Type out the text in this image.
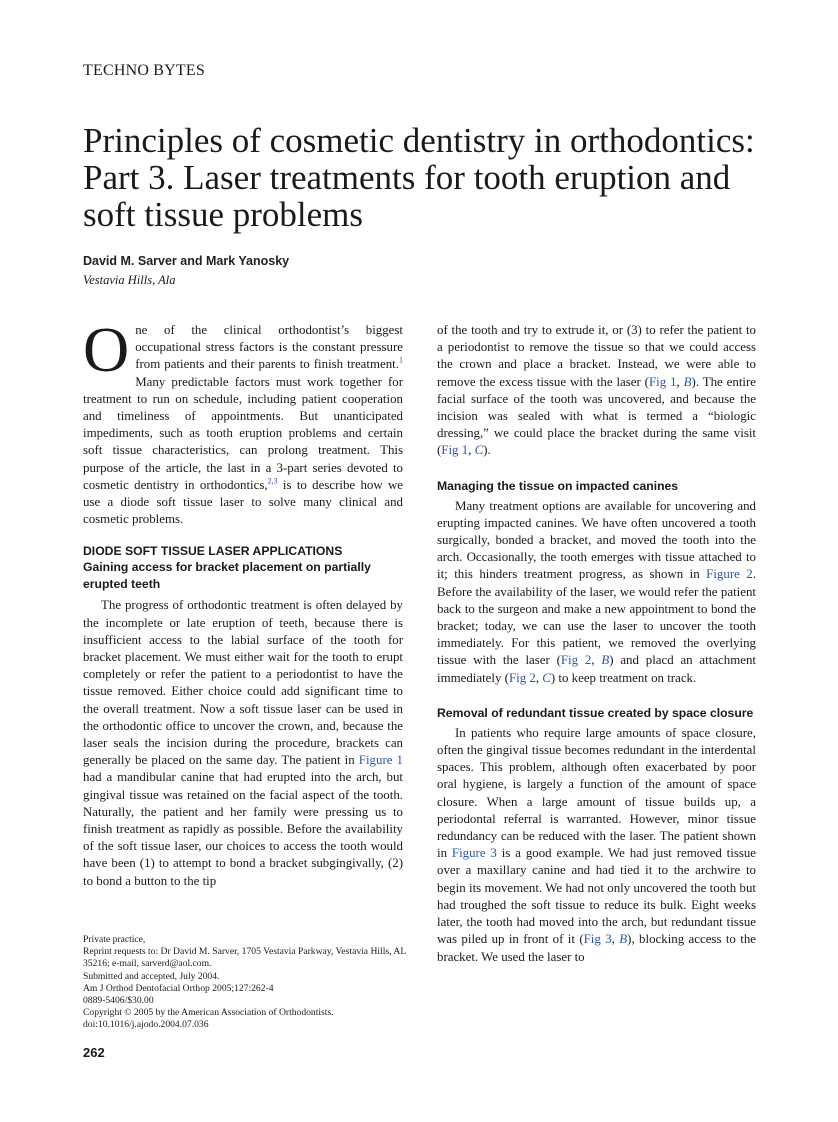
TECHNO BYTES
Principles of cosmetic dentistry in orthodontics: Part 3. Laser treatments for tooth eruption and soft tissue problems
David M. Sarver and Mark Yanosky
Vestavia Hills, Ala

One of the clinical orthodontist’s biggest occupational stress factors is the constant pressure from patients and their parents to finish treatment.$^1$ Many predictable factors must work together for treatment to run on schedule, including patient cooperation and timeliness of appointments. But unanticipated impediments, such as tooth eruption problems and certain soft tissue characteristics, can prolong treatment. This purpose of the article, the last in a 3-part series devoted to cosmetic dentistry in orthodontics,$^{2,3}$ is to describe how we use a diode soft tissue laser to solve many clinical and cosmetic problems.

DIODE SOFT TISSUE LASER APPLICATIONS
Gaining access for bracket placement on partially erupted teeth

The progress of orthodontic treatment is often delayed by the incomplete or late eruption of teeth, because there is insufficient access to the labial surface of the tooth for bracket placement. We must either wait for the tooth to erupt completely or refer the patient to a periodontist to have the tissue removed. Either choice could add significant time to the overall treatment. Now a soft tissue laser can be used in the orthodontic office to uncover the crown, and, because the laser seals the incision during the procedure, brackets can generally be placed on the same day. The patient in Figure 1 had a mandibular canine that had erupted into the arch, but gingival tissue was retained on the facial aspect of the tooth. Naturally, the patient and her family were pressing us to finish treatment as rapidly as possible. Before the availability of the soft tissue laser, our choices to access the tooth would have been (1) to attempt to bond a bracket subgingivally, (2) to bond a button to the tip

of the tooth and try to extrude it, or (3) to refer the patient to a periodontist to remove the tissue so that we could access the crown and place a bracket. Instead, we were able to remove the excess tissue with the laser (Fig 1, B). The entire facial surface of the tooth was uncovered, and because the incision was sealed with what is termed a “biologic dressing,” we could place the bracket during the same visit (Fig 1, C).

Managing the tissue on impacted canines

Many treatment options are available for uncovering and erupting impacted canines. We have often uncovered a tooth surgically, bonded a bracket, and moved the tooth into the arch. Occasionally, the tooth emerges with tissue attached to it; this hinders treatment progress, as shown in Figure 2. Before the availability of the laser, we would refer the patient back to the surgeon and make a new appointment to bond the bracket; today, we can use the laser to uncover the tooth immediately. For this patient, we removed the overlying tissue with the laser (Fig 2, B) and placd an attachment immediately (Fig 2, C) to keep treatment on track.

Removal of redundant tissue created by space closure

In patients who require large amounts of space closure, often the gingival tissue becomes redundant in the interdental spaces. This problem, although often exacerbated by poor oral hygiene, is largely a function of the amount of space closure. When a large amount of tissue builds up, a periodontal referral is warranted. However, minor tissue redundancy can be reduced with the laser. The patient shown in Figure 3 is a good example. We had just removed tissue over a maxillary canine and had tied it to the archwire to begin its movement. We had not only uncovered the tooth but had troughed the soft tissue to reduce its bulk. Eight weeks later, the tooth had moved into the arch, but redundant tissue was piled up in front of it (Fig 3, B), blocking access to the bracket. We used the laser to

Private practice,
Reprint requests to: Dr David M. Sarver, 1705 Vestavia Parkway, Vestavia Hills, AL 35216; e-mail, sarverd@aol.com.
Submitted and accepted, July 2004.
Am J Orthod Dentofacial Orthop 2005;127:262-4
0889-5406/$30.00
Copyright © 2005 by the American Association of Orthodontists.
doi:10.1016/j.ajodo.2004.07.036
262
